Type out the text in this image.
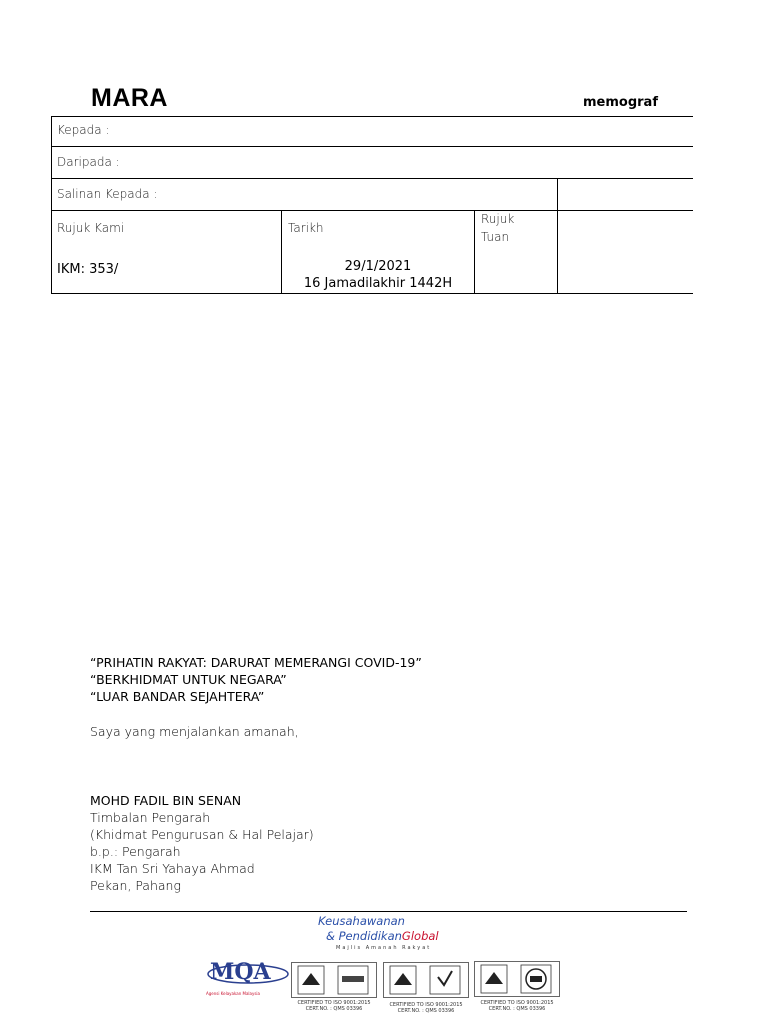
MARA	memograf
Kepada :
Daripada :
Salinan Kepada :
Rujuk Kami
IKM: 353/
Tarikh
29/1/2021
16 Jamadilakhir 1442H
Rujuk
Tuan
“PRIHATIN RAKYAT: DARURAT MEMERANGI COVID-19”
“BERKHIDMAT UNTUK NEGARA”
“LUAR BANDAR SEJAHTERA”
Saya yang menjalankan amanah,
MOHD FADIL BIN SENAN
Timbalan Pengarah
(Khidmat Pengurusan & Hal Pelajar)
b.p.: Pengarah
IKM Tan Sri Yahaya Ahmad
Pekan, Pahang
Keusahawanan
& PendidikanGlobal
Majlis Amanah Rakyat
MQA
Agensi Kelayakan Malaysia
CERTIFIED TO ISO 9001:2015
CERT.NO. : QMS 03396
CERTIFIED TO ISO 9001:2015
CERT.NO. : QMS 03396
CERTIFIED TO ISO 9001:2015
CERT.NO. : QMS 03396
